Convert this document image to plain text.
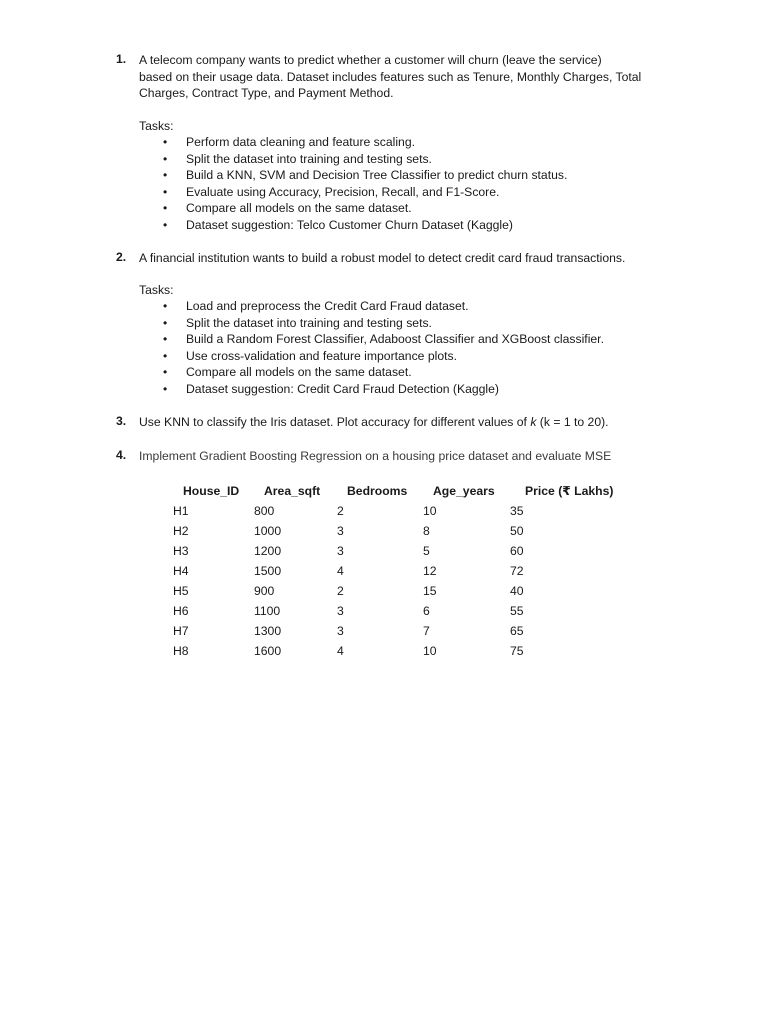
1. A telecom company wants to predict whether a customer will churn (leave the service)
based on their usage data. Dataset includes features such as Tenure, Monthly Charges, Total
Charges, Contract Type, and Payment Method.
Tasks:
• Perform data cleaning and feature scaling.
• Split the dataset into training and testing sets.
• Build a KNN, SVM and Decision Tree Classifier to predict churn status.
• Evaluate using Accuracy, Precision, Recall, and F1-Score.
• Compare all models on the same dataset.
• Dataset suggestion: Telco Customer Churn Dataset (Kaggle)
2. A financial institution wants to build a robust model to detect credit card fraud transactions.
Tasks:
• Load and preprocess the Credit Card Fraud dataset.
• Split the dataset into training and testing sets.
• Build a Random Forest Classifier, Adaboost Classifier and XGBoost classifier.
• Use cross-validation and feature importance plots.
• Compare all models on the same dataset.
• Dataset suggestion: Credit Card Fraud Detection (Kaggle)
3. Use KNN to classify the Iris dataset. Plot accuracy for different values of k (k = 1 to 20).
4. Implement Gradient Boosting Regression on a housing price dataset and evaluate MSE
House_ID Area_sqft Bedrooms Age_years Price (₹ Lakhs)
H1	800	2	10	35
H2	1000	3	8	50
H3	1200	3	5	60
H4	1500	4	12	72
H5	900	2	15	40
H6	1100	3	6	55
H7	1300	3	7	65
H8	1600	4	10	75
